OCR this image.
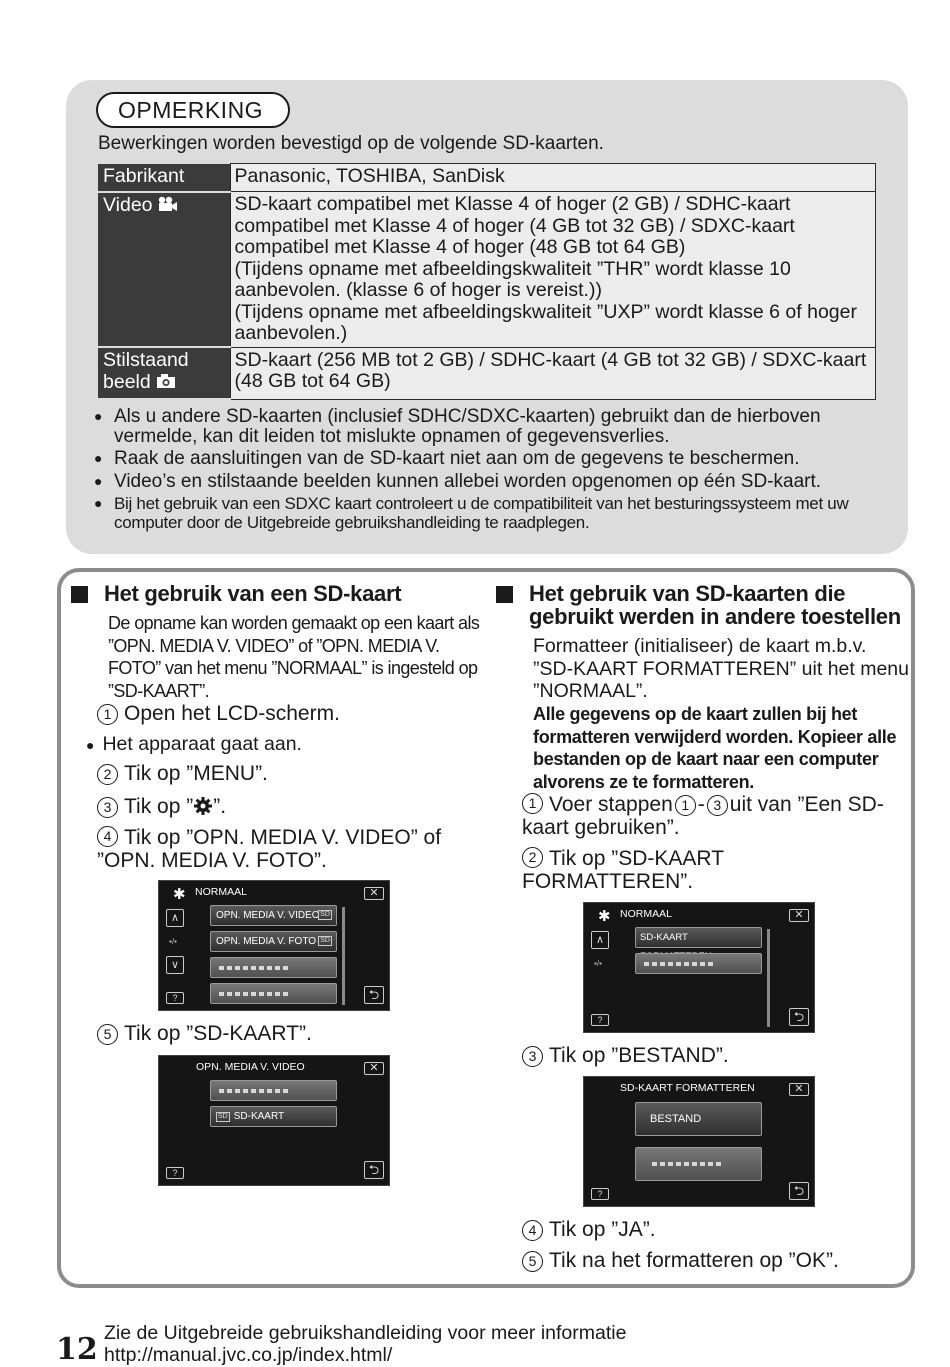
OPMERKING
Bewerkingen worden bevestigd op de volgende SD-kaarten.
Fabrikant	Panasonic, TOSHIBA, SanDisk
Video	SD-kaart compatibel met Klasse 4 of hoger (2 GB) / SDHC-kaart compatibel met Klasse 4 of hoger (4 GB tot 32 GB) / SDXC-kaart compatibel met Klasse 4 of hoger (48 GB tot 64 GB)
(Tijdens opname met afbeeldingskwaliteit ”THR” wordt klasse 10 aanbevolen. (klasse 6 of hoger is vereist.))
(Tijdens opname met afbeeldingskwaliteit ”UXP” wordt klasse 6 of hoger aanbevolen.)
Stilstaand beeld	SD-kaart (256 MB tot 2 GB) / SDHC-kaart (4 GB tot 32 GB) / SDXC-kaart (48 GB tot 64 GB)
● Als u andere SD-kaarten (inclusief SDHC/SDXC-kaarten) gebruikt dan de hierboven vermelde, kan dit leiden tot mislukte opnamen of gegevensverlies.
● Raak de aansluitingen van de SD-kaart niet aan om de gegevens te beschermen.
● Video’s en stilstaande beelden kunnen allebei worden opgenomen op één SD-kaart.
● Bij het gebruik van een SDXC kaart controleert u de compatibiliteit van het besturingssysteem met uw computer door de Uitgebreide gebruikshandleiding te raadplegen.
Het gebruik van een SD-kaart
De opname kan worden gemaakt op een kaart als ”OPN. MEDIA V. VIDEO” of ”OPN. MEDIA V. FOTO” van het menu ”NORMAAL” is ingesteld op ”SD-KAART”.
1 Open het LCD-scherm.
● Het apparaat gaat aan.
2 Tik op ”MENU”.
3 Tik op ” ”.
4 Tik op ”OPN. MEDIA V. VIDEO” of ”OPN. MEDIA V. FOTO”.
✱ NORMAAL	✕
∧
▪/▪
∨
?
OPN. MEDIA V. VIDEO SD
OPN. MEDIA V. FOTO SD
⮌
5 Tik op ”SD-KAART”.
OPN. MEDIA V. VIDEO	✕
SD SD-KAART
?	⮌
Het gebruik van SD-kaarten die gebruikt werden in andere toestellen
Formatteer (initialiseer) de kaart m.b.v. ”SD-KAART FORMATTEREN” uit het menu ”NORMAAL”.
Alle gegevens op de kaart zullen bij het formatteren verwijderd worden. Kopieer alle bestanden op de kaart naar een computer alvorens ze te formatteren.
1 Voer stappen 1 - 3 uit van ”Een SD-kaart gebruiken”.
2 Tik op ”SD-KAART FORMATTEREN”.
✱ NORMAAL	✕
∧
▪/▪
?
SD-KAART
⮌
3 Tik op ”BESTAND”.
SD-KAART FORMATTEREN	✕
BESTAND
?	⮌
4 Tik op ”JA”.
5 Tik na het formatteren op ”OK”.
12 Zie de Uitgebreide gebruikshandleiding voor meer informatie
http://manual.jvc.co.jp/index.html/
